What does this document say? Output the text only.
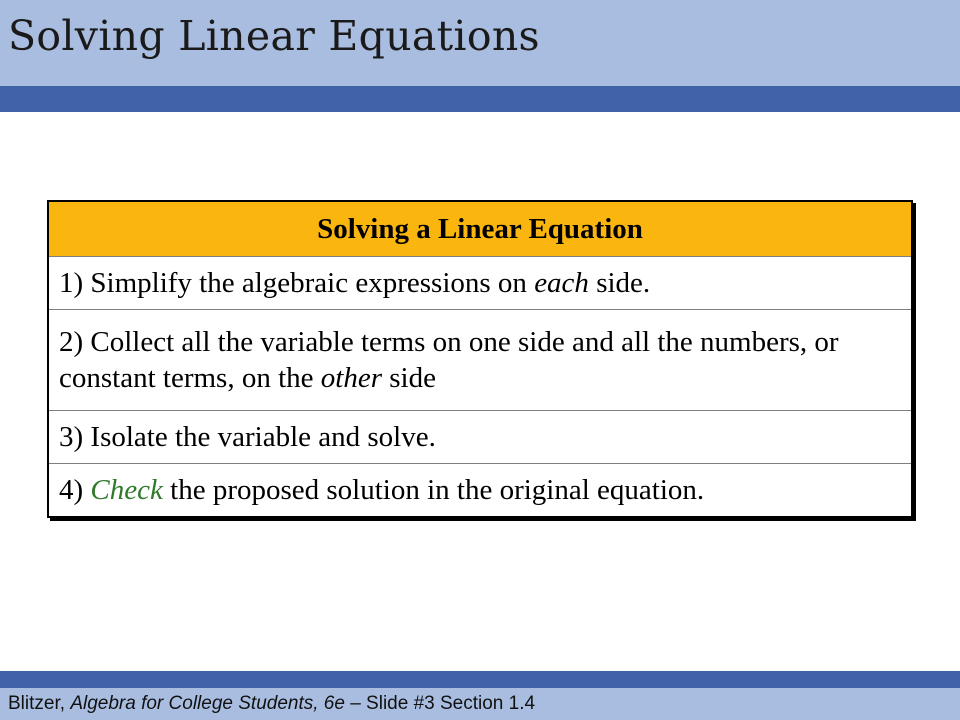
Solving Linear Equations
Solving a Linear Equation
1) Simplify the algebraic expressions on each side.
2) Collect all the variable terms on one side and all the numbers, or constant terms, on the other side
3) Isolate the variable and solve.
4) Check the proposed solution in the original equation.
Blitzer, Algebra for College Students, 6e – Slide #3 Section 1.4
